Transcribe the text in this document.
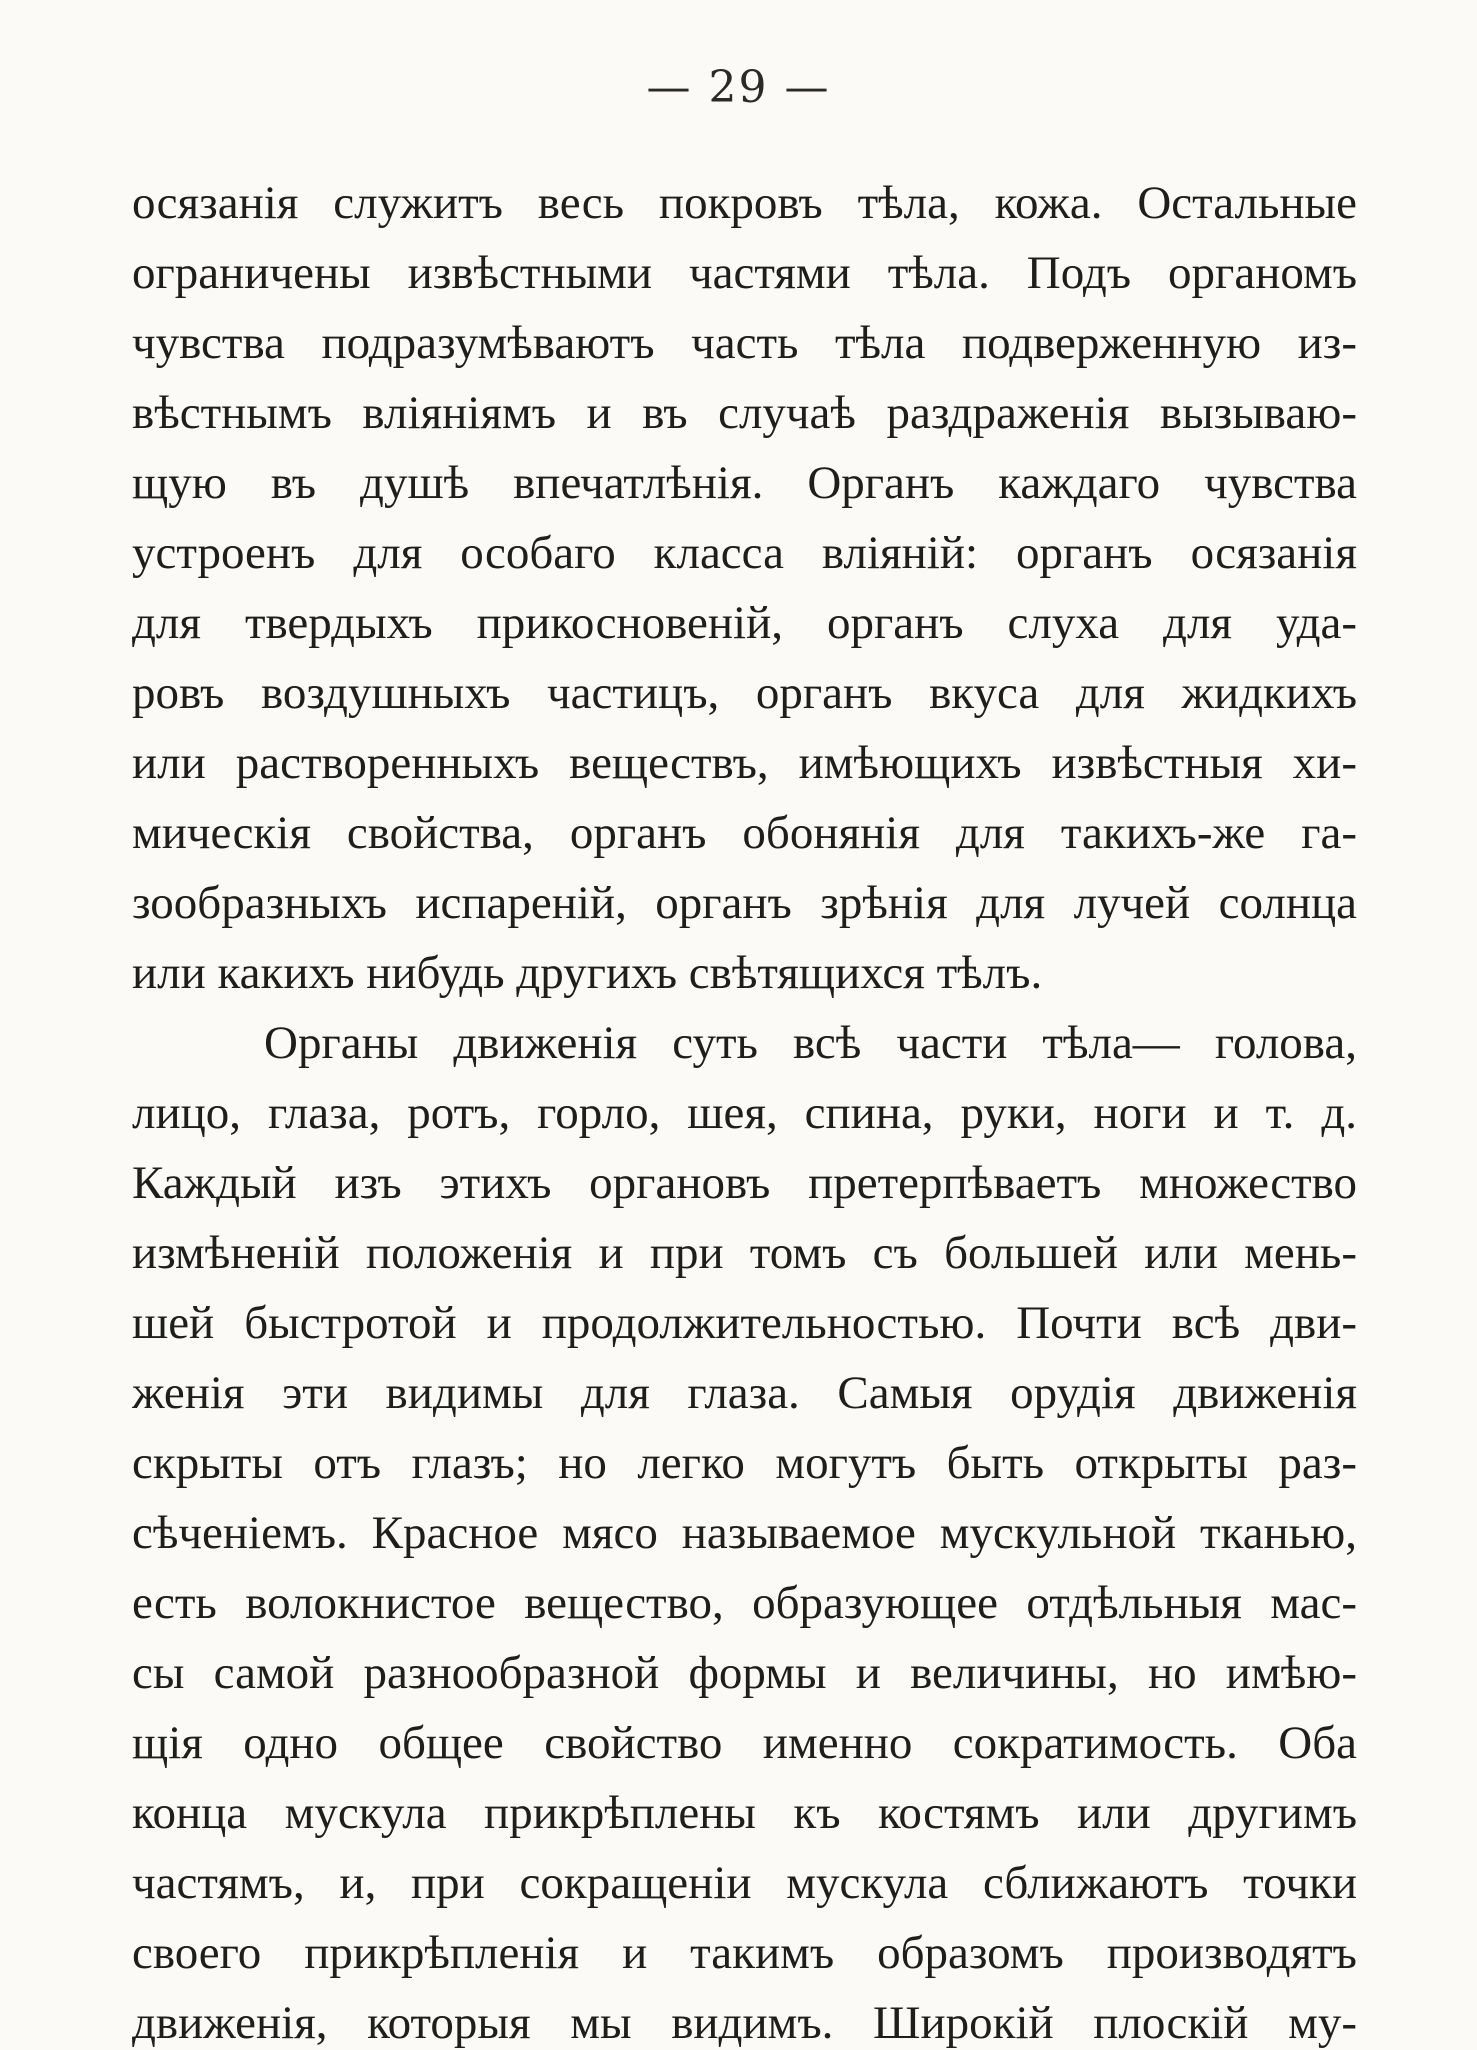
— 29 —
осязанія служитъ весь покровъ тѣла, кожа. Остальные
ограничены извѣстными частями тѣла. Подъ органомъ
чувства подразумѣваютъ часть тѣла подверженную из-
вѣстнымъ вліяніямъ и въ случаѣ раздраженія вызываю-
щую въ душѣ впечатлѣнія. Органъ каждаго чувства
устроенъ для особаго класса вліяній: органъ осязанія
для твердыхъ прикосновеній, органъ слуха для уда-
ровъ воздушныхъ частицъ, органъ вкуса для жидкихъ
или растворенныхъ веществъ, имѣющихъ извѣстныя хи-
мическія свойства, органъ обонянія для такихъ-же га-
зообразныхъ испареній, органъ зрѣнія для лучей солнца
или какихъ нибудь другихъ свѣтящихся тѣлъ.
Органы движенія суть всѣ части тѣла— голова,
лицо, глаза, ротъ, горло, шея, спина, руки, ноги и т. д.
Каждый изъ этихъ органовъ претерпѣваетъ множество
измѣненій положенія и при томъ съ большей или мень-
шей быстротой и продолжительностью. Почти всѣ дви-
женія эти видимы для глаза. Самыя орудія движенія
скрыты отъ глазъ; но легко могутъ быть открыты раз-
сѣченіемъ. Красное мясо называемое мускульной тканью,
есть волокнистое вещество, образующее отдѣльныя мас-
сы самой разнообразной формы и величины, но имѣю-
щія одно общее свойство именно сократимость. Оба
конца мускула прикрѣплены къ костямъ или другимъ
частямъ, и, при сокращеніи мускула сближаютъ точки
своего прикрѣпленія и такимъ образомъ производятъ
движенія, которыя мы видимъ. Широкій плоскій му-
